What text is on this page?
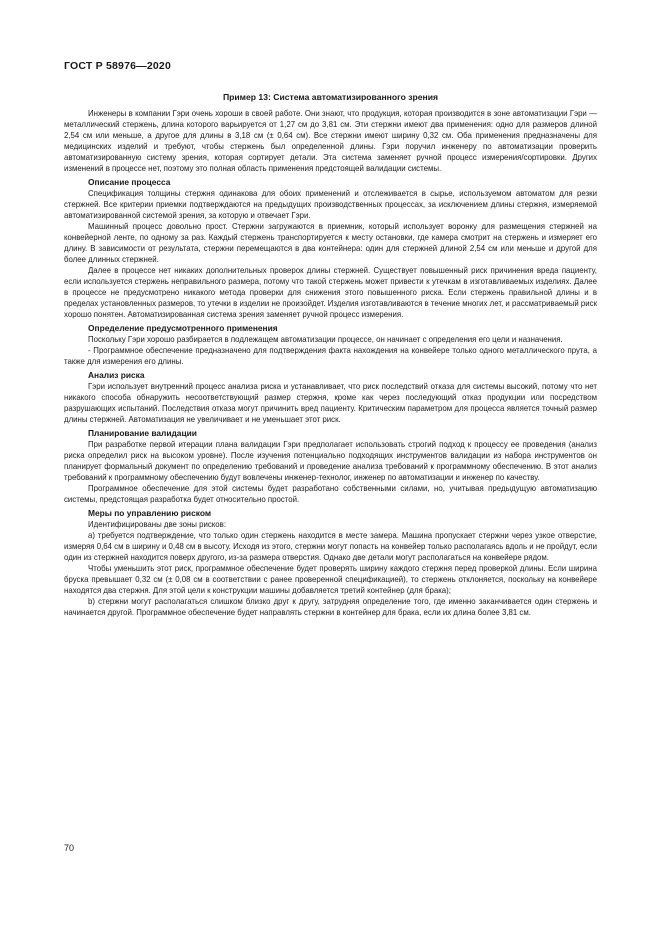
ГОСТ Р 58976—2020
Пример 13: Система автоматизированного зрения

Инженеры в компании Гэри очень хороши в своей работе. Они знают, что продукция, которая производится в зоне автоматизации Гэри — металлический стержень, длина которого варьируется от 1,27 см до 3,81 см. Эти стержни имеют два применения: одно для размеров длиной 2,54 см или меньше, а другое для длины в 3,18 см (± 0,64 см). Все стержни имеют ширину 0,32 см. Оба применения предназначены для медицинских изделий и требуют, чтобы стержень был определенной длины. Гэри поручил инженеру по автоматизации проверить автоматизированную систему зрения, которая сортирует детали. Эта система заменяет ручной процесс измерения/сортировки. Других изменений в процессе нет, поэтому это полная область применения предстоящей валидации системы.

Описание процесса

Спецификация толщины стержня одинакова для обоих применений и отслеживается в сырье, используемом автоматом для резки стержней. Все критерии приемки подтверждаются на предыдущих производственных процессах, за исключением длины стержня, измеряемой автоматизированной системой зрения, за которую и отвечает Гэри.

Машинный процесс довольно прост. Стержни загружаются в приемник, который использует воронку для размещения стержней на конвейерной ленте, по одному за раз. Каждый стержень транспортируется к месту остановки, где камера смотрит на стержень и измеряет его длину. В зависимости от результата, стержни перемещаются в два контейнера: один для стержней длиной 2,54 см или меньше и другой для более длинных стержней.

Далее в процессе нет никаких дополнительных проверок длины стержней. Существует повышенный риск причинения вреда пациенту, если используется стержень неправильного размера, потому что такой стержень может привести к утечкам в изготавливаемых изделиях. Далее в процессе не предусмотрено никакого метода проверки для снижения этого повышенного риска. Если стержень правильной длины и в пределах установленных размеров, то утечки в изделии не произойдет. Изделия изготавливаются в течение многих лет, и рассматриваемый риск хорошо понятен. Автоматизированная система зрения заменяет ручной процесс измерения.

Определение предусмотренного применения

Поскольку Гэри хорошо разбирается в подлежащем автоматизации процессе, он начинает с определения его цели и назначения.

- Программное обеспечение предназначено для подтверждения факта нахождения на конвейере только одного металлического прута, а также для измерения его длины.

Анализ риска

Гэри использует внутренний процесс анализа риска и устанавливает, что риск последствий отказа для системы высокий, потому что нет никакого способа обнаружить несоответствующий размер стержня, кроме как через последующий отказ продукции или посредством разрушающих испытаний. Последствия отказа могут причинить вред пациенту. Критическим параметром для процесса является точный размер длины стержней. Автоматизация не увеличивает и не уменьшает этот риск.

Планирование валидации

При разработке первой итерации плана валидации Гэри предполагает использовать строгий подход к процессу ее проведения (анализ риска определил риск на высоком уровне). После изучения потенциально подходящих инструментов валидации из набора инструментов он планирует формальный документ по определению требований и проведение анализа требований к программному обеспечению. В этот анализ требований к программному обеспечению будут вовлечены инженер-технолог, инженер по автоматизации и инженер по качеству.

Программное обеспечение для этой системы будет разработано собственными силами, но, учитывая предыдущую автоматизацию системы, предстоящая разработка будет относительно простой.

Меры по управлению риском

Идентифицированы две зоны рисков:

a) требуется подтверждение, что только один стержень находится в месте замера. Машина пропускает стержни через узкое отверстие, измеряя 0,64 см в ширину и 0,48 см в высоту. Исходя из этого, стержни могут попасть на конвейер только располагаясь вдоль и не пройдут, если один из стержней находится поверх другого, из-за размера отверстия. Однако две детали могут располагаться на конвейере рядом.

Чтобы уменьшить этот риск, программное обеспечение будет проверять ширину каждого стержня перед проверкой длины. Если ширина бруска превышает 0,32 см (± 0,08 см в соответствии с ранее проверенной спецификацией), то стержень отклоняется, поскольку на конвейере находятся два стержня. Для этой цели к конструкции машины добавляется третий контейнер (для брака);

b) стержни могут располагаться слишком близко друг к другу, затрудняя определение того, где именно заканчивается один стержень и начинается другой. Программное обеспечение будет направлять стержни в контейнер для брака, если их длина более 3,81 см.

70
